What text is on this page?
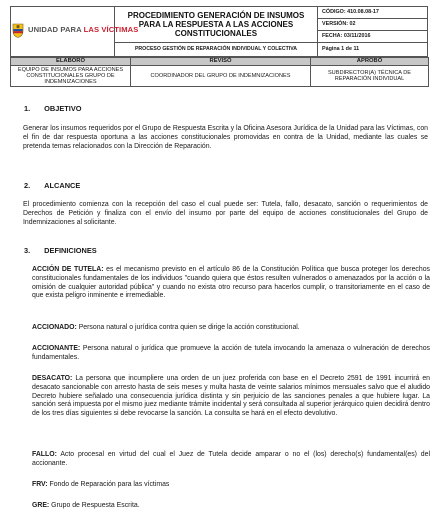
UNIDAD PARA LAS VÍCTIMAS	PROCEDIMIENTO GENERACIÓN DE INSUMOS PARA LA RESPUESTA A LAS ACCIONES CONSTITUCIONALES	CÓDIGO: 410.08.08-17
		VERSIÓN: 02
		FECHA: 03/11/2016
	PROCESO GESTIÓN DE REPARACIÓN INDIVIDUAL Y COLECTIVA	Página 1 de 11
ELABORÓ	REVISÓ	APROBÓ
EQUIPO DE INSUMOS PARA ACCIONES CONSTITUCIONALES GRUPO DE INDEMNIZACIONES	COORDINADOR DEL GRUPO DE INDEMNIZACIONES	SUBDIRECTOR(A) TÉCNICA DE REPARACIÓN INDIVIDUAL
1. OBJETIVO
Generar los insumos requeridos por el Grupo de Respuesta Escrita y la Oficina Asesora Jurídica de la Unidad para las Víctimas, con el fin de dar respuesta oportuna a las acciones constitucionales promovidas en contra de la Unidad, mediante las cuales se pretenda temas relacionados con la Dirección de Reparación.
2. ALCANCE
El procedimiento comienza con la recepción del caso el cual puede ser: Tutela, fallo, desacato, sanción o requerimientos de Derechos de Petición y finaliza con el envío del insumo por parte del equipo de acciones constitucionales del Grupo de Indemnizaciones al solicitante.
3. DEFINICIONES
ACCIÓN DE TUTELA: es el mecanismo previsto en el artículo 86 de la Constitución Política que busca proteger los derechos constitucionales fundamentales de los individuos "cuando quiera que éstos resulten vulnerados o amenazados por la acción o la omisión de cualquier autoridad pública" y cuando no exista otro recurso para hacerlos cumplir, o transitoriamente en el caso de que exista peligro inminente e irremediable.
ACCIONADO: Persona natural o jurídica contra quien se dirige la acción constitucional.
ACCIONANTE: Persona natural o jurídica que promueve la acción de tutela invocando la amenaza o vulneración de derechos fundamentales.
DESACATO: La persona que incumpliere una orden de un juez proferida con base en el Decreto 2591 de 1991 incurrirá en desacato sancionable con arresto hasta de seis meses y multa hasta de veinte salarios mínimos mensuales salvo que el aludido Decreto hubiere señalado una consecuencia jurídica distinta y sin perjuicio de las sanciones penales a que hubiere lugar. La sanción será impuesta por el mismo juez mediante trámite incidental y será consultada al superior jerárquico quien decidirá dentro de los tres días siguientes si debe revocarse la sanción. La consulta se hará en el efecto devolutivo.
FALLO: Acto procesal en virtud del cual el Juez de Tutela decide amparar o no el (los) derecho(s) fundamental(es) del accionante.
FRV: Fondo de Reparación para las víctimas
GRE: Grupo de Respuesta Escrita.
